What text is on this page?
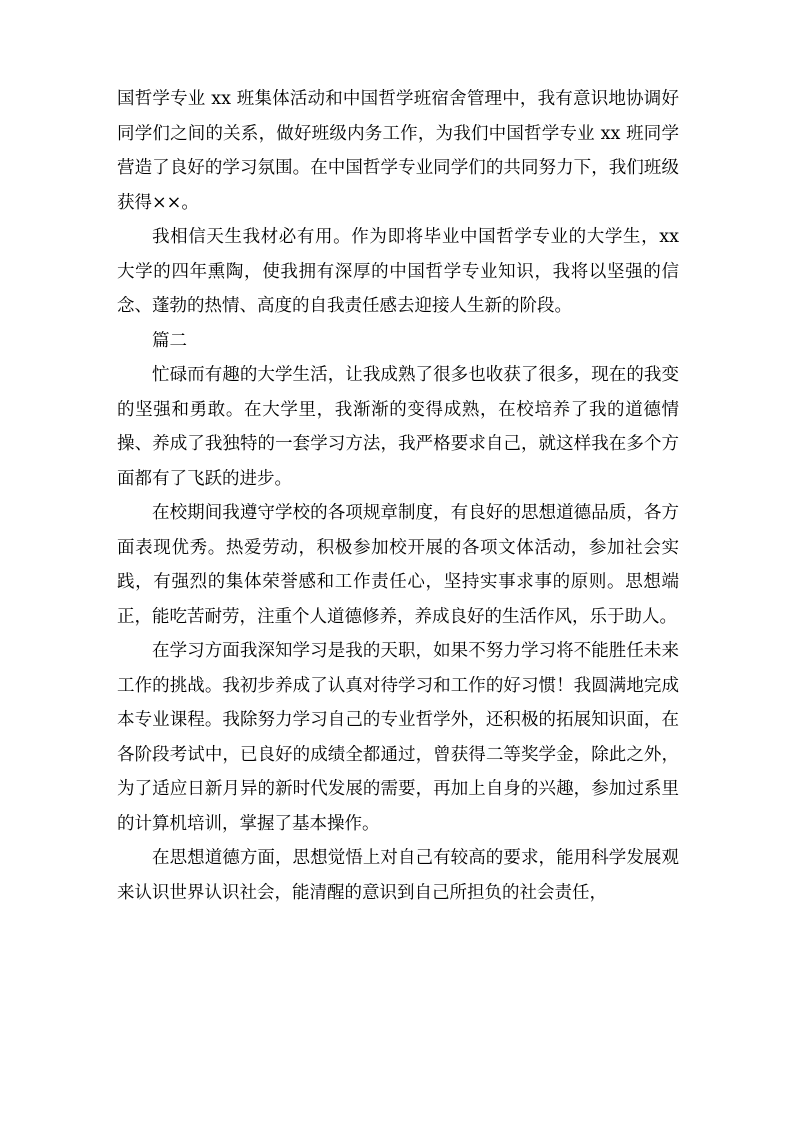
国哲学专业 xx 班集体活动和中国哲学班宿舍管理中，我有意识地协调好同学们之间的关系，做好班级内务工作，为我们中国哲学专业 xx 班同学营造了良好的学习氛围。在中国哲学专业同学们的共同努力下，我们班级获得××。

我相信天生我材必有用。作为即将毕业中国哲学专业的大学生，xx 大学的四年熏陶，使我拥有深厚的中国哲学专业知识，我将以坚强的信念、蓬勃的热情、高度的自我责任感去迎接人生新的阶段。

篇二

忙碌而有趣的大学生活，让我成熟了很多也收获了很多，现在的我变的坚强和勇敢。在大学里，我渐渐的变得成熟，在校培养了我的道德情操、养成了我独特的一套学习方法，我严格要求自己，就这样我在多个方面都有了飞跃的进步。

在校期间我遵守学校的各项规章制度，有良好的思想道德品质，各方面表现优秀。热爱劳动，积极参加校开展的各项文体活动，参加社会实践，有强烈的集体荣誉感和工作责任心，坚持实事求事的原则。思想端正，能吃苦耐劳，注重个人道德修养，养成良好的生活作风，乐于助人。

在学习方面我深知学习是我的天职，如果不努力学习将不能胜任未来工作的挑战。我初步养成了认真对待学习和工作的好习惯！我圆满地完成本专业课程。我除努力学习自己的专业哲学外，还积极的拓展知识面，在各阶段考试中，已良好的成绩全都通过，曾获得二等奖学金，除此之外，为了适应日新月异的新时代发展的需要，再加上自身的兴趣，参加过系里的计算机培训，掌握了基本操作。

在思想道德方面，思想觉悟上对自己有较高的要求，能用科学发展观来认识世界认识社会，能清醒的意识到自己所担负的社会责任，
